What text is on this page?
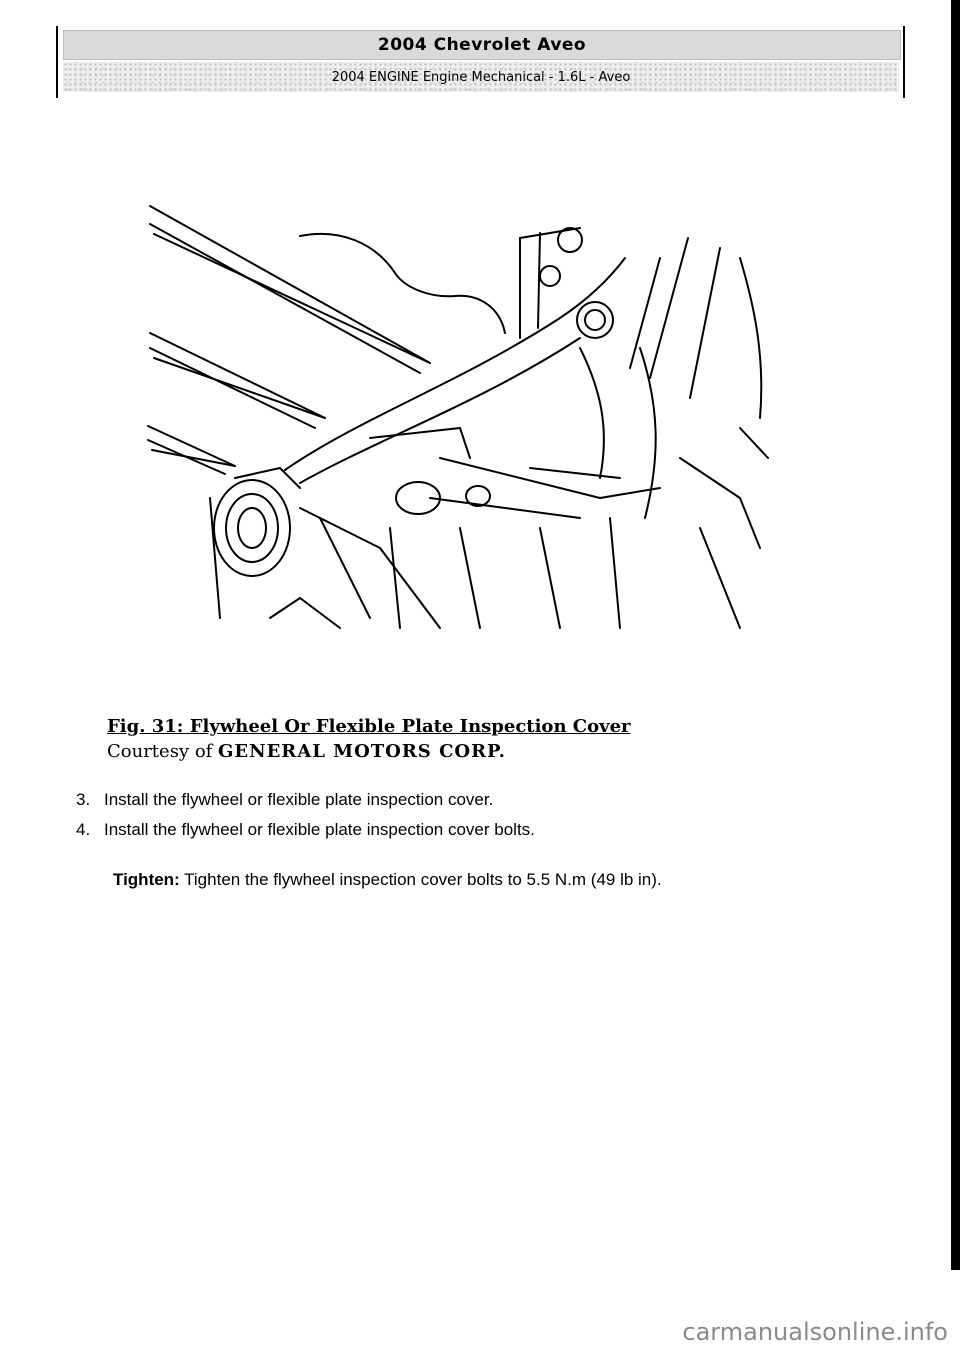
2004 Chevrolet Aveo
2004 ENGINE Engine Mechanical - 1.6L - Aveo
Fig. 31: Flywheel Or Flexible Plate Inspection Cover
Courtesy of GENERAL MOTORS CORP.
3. Install the flywheel or flexible plate inspection cover.
4. Install the flywheel or flexible plate inspection cover bolts.
Tighten: Tighten the flywheel inspection cover bolts to 5.5 N.m (49 lb in).
carmanualsonline.info
